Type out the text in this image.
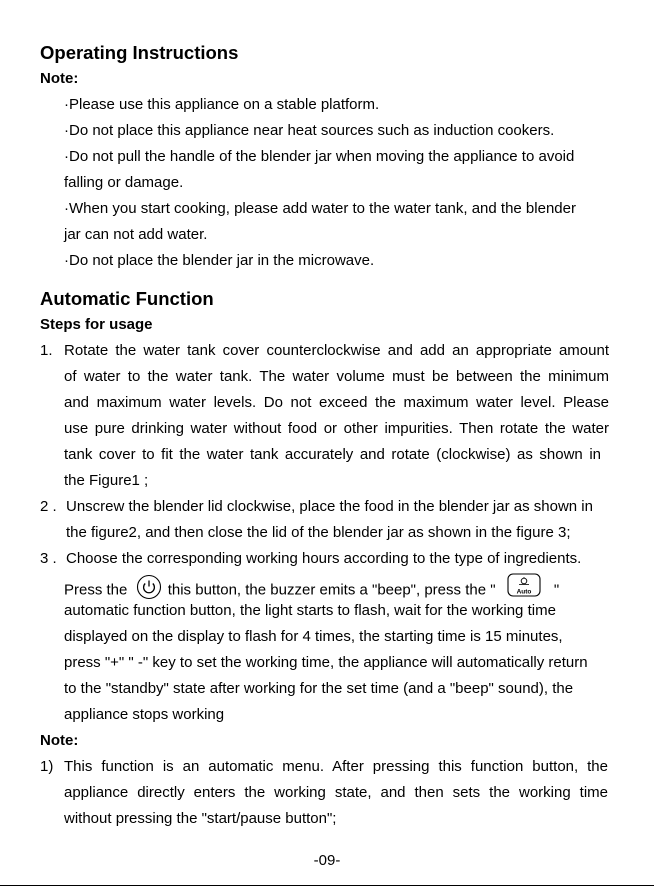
Operating Instructions
Note:
·Please use this appliance on a stable platform.
·Do not place this appliance near heat sources such as induction cookers.
·Do not pull the handle of the blender jar when moving the appliance to avoid
falling or damage.
·When you start cooking, please add water to the water tank, and the blender
jar can not add water.
·Do not place the blender jar in the microwave.
Automatic Function
Steps for usage
1. Rotate the water tank cover counterclockwise and add an appropriate amount
of water to the water tank. The water volume must be between the minimum
and maximum water levels. Do not exceed the maximum water level. Please
use pure drinking water without food or other impurities. Then rotate the water
tank cover to fit the water tank accurately and rotate (clockwise) as shown in
the Figure1 ;
2 . Unscrew the blender lid clockwise, place the food in the blender jar as shown in
the figure2, and then close the lid of the blender jar as shown in the figure 3;
3 . Choose the corresponding working hours according to the type of ingredients.
Press the	this button, the buzzer emits a "beep", press the "	Auto "
automatic function button, the light starts to flash, wait for the working time
displayed on the display to flash for 4 times, the starting time is 15 minutes,
press "+" " -" key to set the working time, the appliance will automatically return
to the "standby" state after working for the set time (and a "beep" sound), the
appliance stops working
Note:
1) This function is an automatic menu. After pressing this function button, the
appliance directly enters the working state, and then sets the working time
without pressing the "start/pause button";
-09-
